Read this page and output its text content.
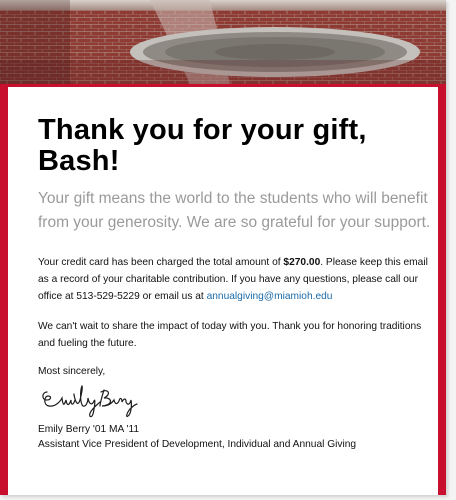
Thank you for your gift, Bash!

Your gift means the world to the students who will benefit from your generosity. We are so grateful for your support.

Your credit card has been charged the total amount of $270.00. Please keep this email as a record of your charitable contribution. If you have any questions, please call our office at 513-529-5229 or email us at annualgiving@miamioh.edu

We can't wait to share the impact of today with you. Thank you for honoring traditions and fueling the future.

Most sincerely,

Emily Berry '01 MA '11

Assistant Vice President of Development, Individual and Annual Giving
